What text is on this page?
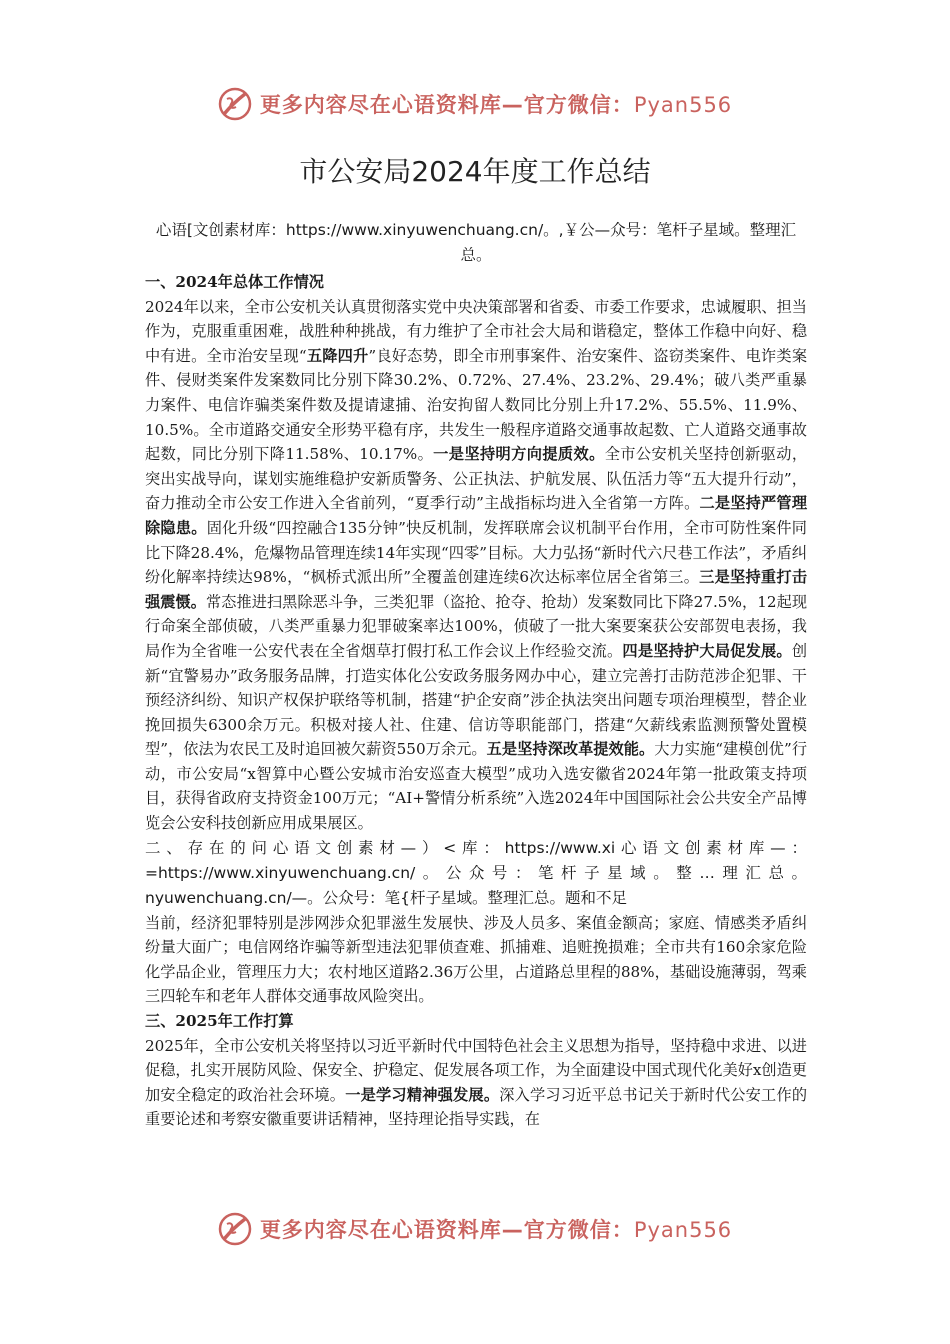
更多内容尽在心语资料库—官方微信：Pyan556
市公安局2024年度工作总结
心语[文创素材库：https://www.xinyuwenchuang.cn/。,￥公—众号：笔杆子星域。整理汇总。

一、2024年总体工作情况

2024年以来，全市公安机关认真贯彻落实党中央决策部署和省委、市委工作要求，忠诚履职、担当作为，克服重重困难，战胜种种挑战，有力维护了全市社会大局和谐稳定，整体工作稳中向好、稳中有进。全市治安呈现“五降四升”良好态势，即全市刑事案件、治安案件、盗窃类案件、电诈类案件、侵财类案件发案数同比分别下降30.2%、0.72%、27.4%、23.2%、29.4%；破八类严重暴力案件、电信诈骗类案件数及提请逮捕、治安拘留人数同比分别上升17.2%、55.5%、11.9%、10.5%。全市道路交通安全形势平稳有序，共发生一般程序道路交通事故起数、亡人道路交通事故起数，同比分别下降11.58%、10.17%。一是坚持明方向提质效。全市公安机关坚持创新驱动，突出实战导向，谋划实施维稳护安新质警务、公正执法、护航发展、队伍活力等“五大提升行动”，奋力推动全市公安工作进入全省前列，“夏季行动”主战指标均进入全省第一方阵。二是坚持严管理除隐患。固化升级“四控融合135分钟”快反机制，发挥联席会议机制平台作用，全市可防性案件同比下降28.4%，危爆物品管理连续14年实现“四零”目标。大力弘扬“新时代六尺巷工作法”，矛盾纠纷化解率持续达98%，“枫桥式派出所”全覆盖创建连续6次达标率位居全省第三。三是坚持重打击强震慑。常态推进扫黑除恶斗争，三类犯罪（盗抢、抢夺、抢劫）发案数同比下降27.5%，12起现行命案全部侦破，八类严重暴力犯罪破案率达100%，侦破了一批大案要案获公安部贺电表扬，我局作为全省唯一公安代表在全省烟草打假打私工作会议上作经验交流。四是坚持护大局促发展。创新“宜警易办”政务服务品牌，打造实体化公安政务服务网办中心，建立完善打击防范涉企犯罪、干预经济纠纷、知识产权保护联络等机制，搭建“护企安商”涉企执法突出问题专项治理模型，替企业挽回损失6300余万元。积极对接人社、住建、信访等职能部门，搭建“欠薪线索监测预警处置模型”，依法为农民工及时追回被欠薪资550万余元。五是坚持深改革提效能。大力实施“建模创优”行动，市公安局“x智算中心暨公安城市治安巡查大模型”成功入选安徽省2024年第一批政策支持项目，获得省政府支持资金100万元；“AI+警情分析系统”入选2024年中国国际社会公共安全产品博览会公安科技创新应用成果展区。

二、存在的问心语文创素材—）<库：https://www.xi心语文创素材库—：=https://www.xinyuwenchuang.cn/。公众号：笔杆子星域。整…理汇总。nyuwenchuang.cn/—。公众号：笔{杆子星域。整理汇总。题和不足

当前，经济犯罪特别是涉网涉众犯罪滋生发展快、涉及人员多、案值金额高；家庭、情感类矛盾纠纷量大面广；电信网络诈骗等新型违法犯罪侦查难、抓捕难、追赃挽损难；全市共有160余家危险化学品企业，管理压力大；农村地区道路2.36万公里，占道路总里程的88%，基础设施薄弱，驾乘三四轮车和老年人群体交通事故风险突出。

三、2025年工作打算

2025年，全市公安机关将坚持以习近平新时代中国特色社会主义思想为指导，坚持稳中求进、以进促稳，扎实开展防风险、保安全、护稳定、促发展各项工作，为全面建设中国式现代化美好x创造更加安全稳定的政治社会环境。一是学习精神强发展。深入学习习近平总书记关于新时代公安工作的重要论述和考察安徽重要讲话精神，坚持理论指导实践，在

更多内容尽在心语资料库—官方微信：Pyan556
